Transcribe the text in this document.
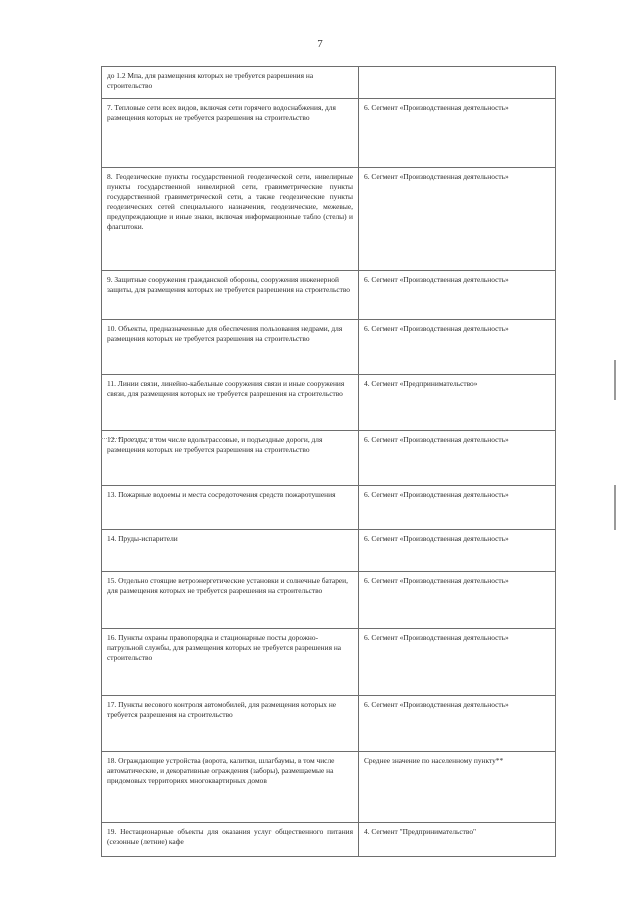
7
до 1.2 Мпа, для размещения которых не требуется разрешения на строительство	
7. Тепловые сети всех видов, включая сети горячего водоснабжения, для размещения которых не требуется разрешения на строительство	6. Сегмент «Производственная деятельность»
8. Геодезические пункты государственной геодезической сети, нивелирные пункты государственной нивелирной сети, гравиметрические пункты государственной гравиметрической сети, а также геодезические пункты геодезических сетей специального назначения, геодезические, межевые, предупреждающие и иные знаки, включая информационные табло (стелы) и флагштоки.	6. Сегмент «Производственная деятельность»
9. Защитные сооружения гражданской обороны, сооружения инженерной защиты, для размещения которых не требуется разрешения на строительство	6. Сегмент «Производственная деятельность»
10. Объекты, предназначенные для обеспечения пользования недрами, для размещения которых не требуется разрешения на строительство	6. Сегмент «Производственная деятельность»
11. Линии связи, линейно-кабельные сооружения связи и иные сооружения связи, для размещения которых не требуется разрешения на строительство	4. Сегмент «Предпринимательство»
12. Проезды, в том числе вдольтрассовые, и подъездные дороги, для размещения которых не требуется разрешения на строительство	6. Сегмент «Производственная деятельность»
13. Пожарные водоемы и места сосредоточения средств пожаротушения	6. Сегмент «Производственная деятельность»
14. Пруды-испарители	6. Сегмент «Производственная деятельность»
15. Отдельно стоящие ветроэнергетические установки и солнечные батареи, для размещения которых не требуется разрешения на строительство	6. Сегмент «Производственная деятельность»
16. Пункты охраны правопорядка и стационарные посты дорожно-патрульной службы, для размещения которых не требуется разрешения на строительство	6. Сегмент «Производственная деятельность»
17. Пункты весового контроля автомобилей, для размещения которых не требуется разрешения на строительство	6. Сегмент «Производственная деятельность»
18. Ограждающие устройства (ворота, калитки, шлагбаумы, в том числе автоматические, и декоративные ограждения (заборы), размещаемые на придомовых территориях многоквартирных домов	Среднее значение по населенному пункту**
19. Нестационарные объекты для оказания услуг общественного питания (сезонные (летние) кафе	4. Сегмент "Предпринимательство"
